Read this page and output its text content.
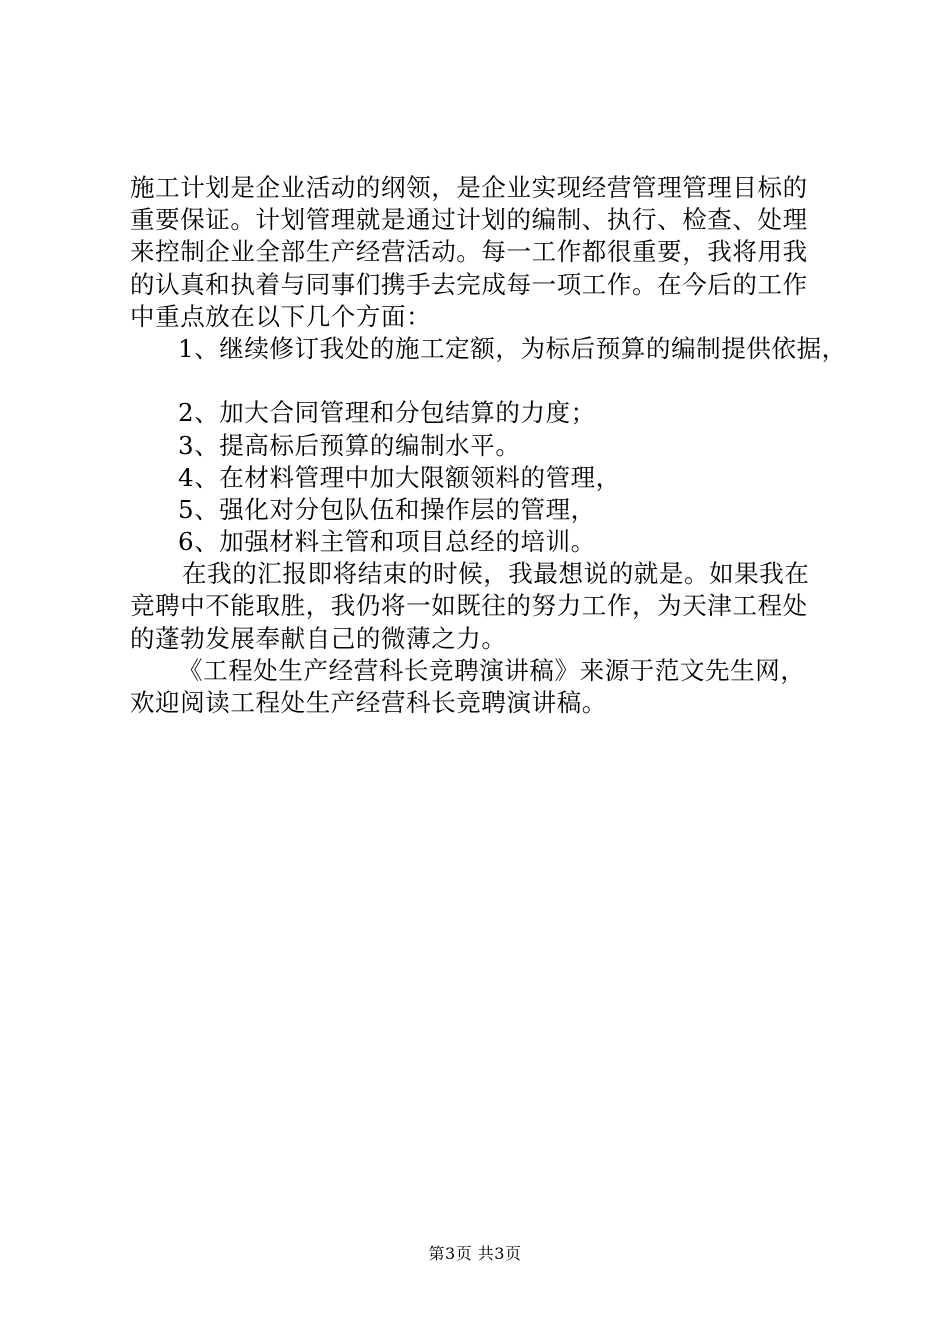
施工计划是企业活动的纲领，是企业实现经营管理管理目标的
重要保证。计划管理就是通过计划的编制、执行、检查、处理
来控制企业全部生产经营活动。每一工作都很重要，我将用我
的认真和执着与同事们携手去完成每一项工作。在今后的工作
中重点放在以下几个方面：
1、继续修订我处的施工定额，为标后预算的编制提供依据，
2、加大合同管理和分包结算的力度；
3、提高标后预算的编制水平。
4、在材料管理中加大限额领料的管理，
5、强化对分包队伍和操作层的管理，
6、加强材料主管和项目总经的培训。
在我的汇报即将结束的时候，我最想说的就是。如果我在
竞聘中不能取胜，我仍将一如既往的努力工作，为天津工程处
的蓬勃发展奉献自己的微薄之力。
《工程处生产经营科长竞聘演讲稿》来源于范文先生网，
欢迎阅读工程处生产经营科长竞聘演讲稿。
第3页 共3页
